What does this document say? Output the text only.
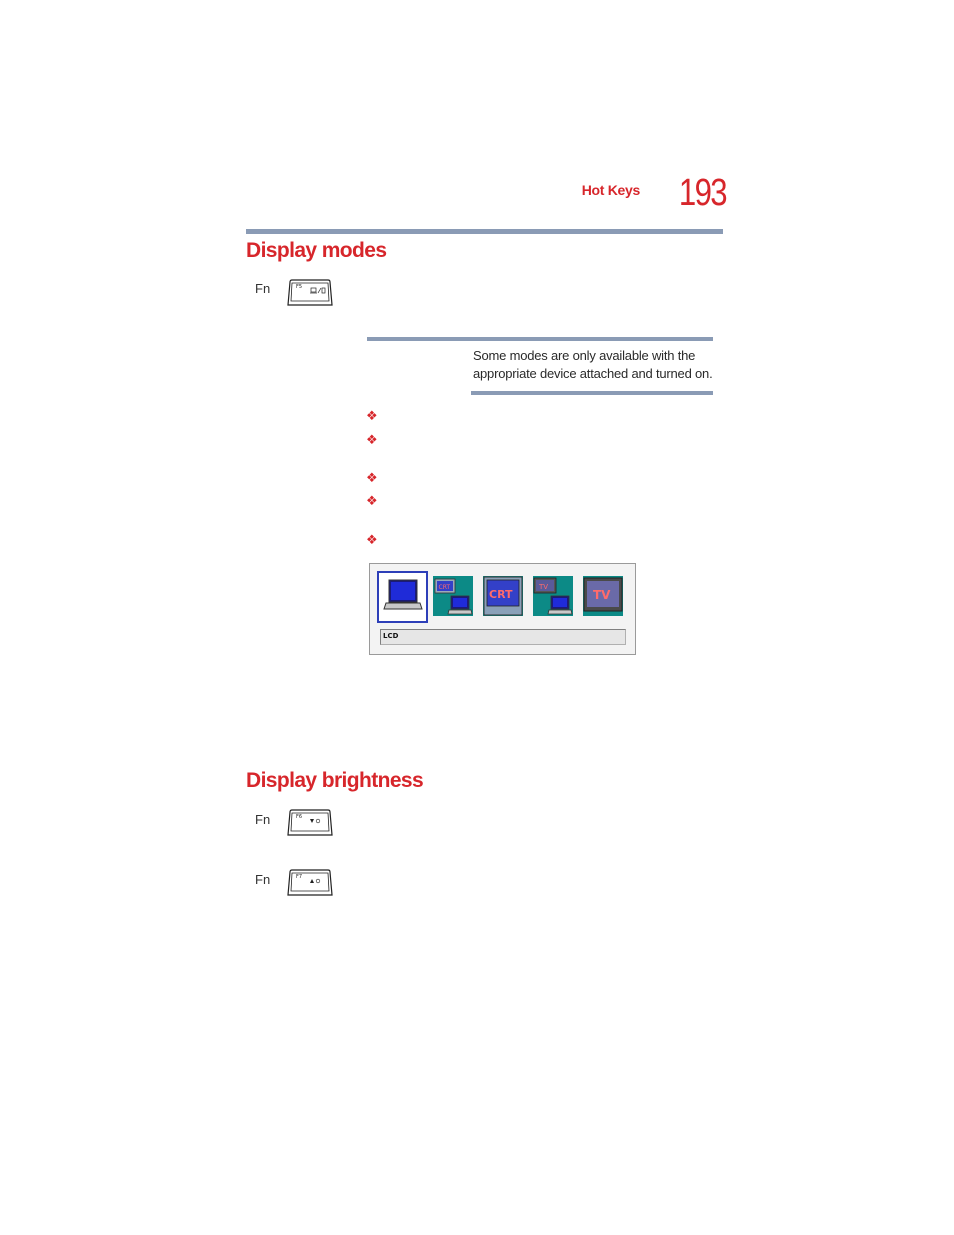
Hot Keys 193
Display modes
Fn	F5
Some modes are only available with the appropriate device attached and turned on.
❖
❖
❖
❖
❖
CRT
CRT
TV
TV
LCD
Display brightness
Fn	F6
Fn	F7
